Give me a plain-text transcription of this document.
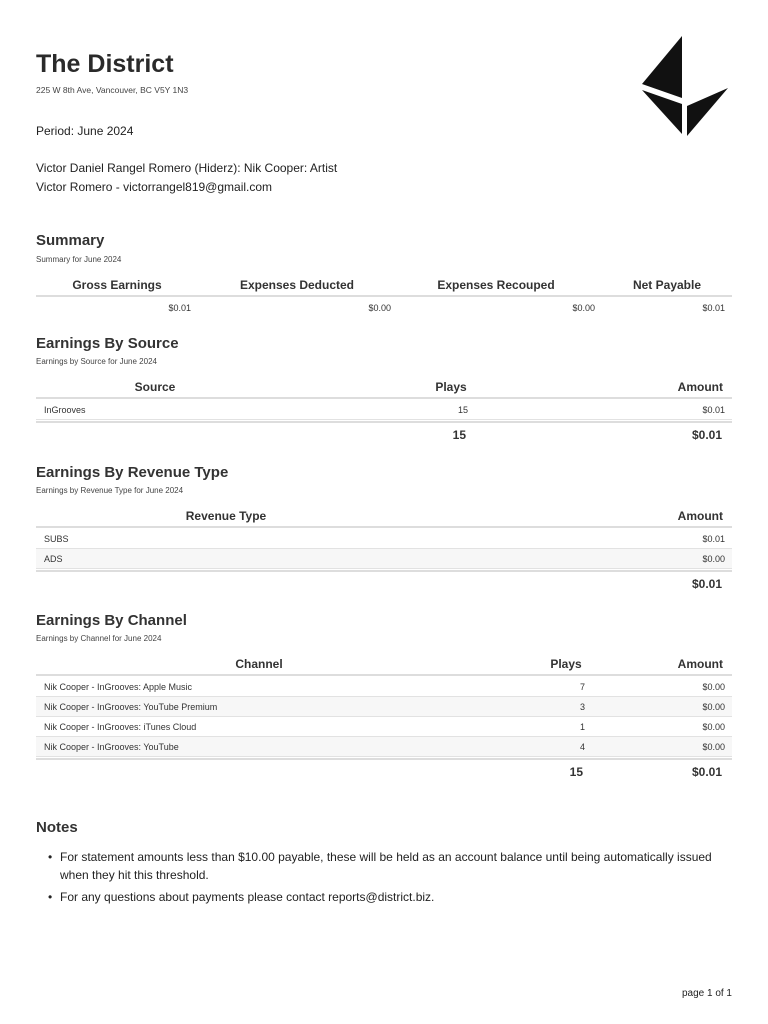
The District
225 W 8th Ave, Vancouver, BC V5Y 1N3
Period: June 2024
Victor Daniel Rangel Romero (Hiderz): Nik Cooper: Artist
Victor Romero - victorrangel819@gmail.com
Summary
Summary for June 2024
Gross Earnings	Expenses Deducted	Expenses Recouped	Net Payable
$0.01	$0.00	$0.00	$0.01
Earnings By Source
Earnings by Source for June 2024
Source	Plays	Amount
InGrooves	15	$0.01
15	$0.01
Earnings By Revenue Type
Earnings by Revenue Type for June 2024
Revenue Type	Amount
SUBS	$0.01
ADS	$0.00
$0.01
Earnings By Channel
Earnings by Channel for June 2024
Channel	Plays	Amount
Nik Cooper - InGrooves: Apple Music	7	$0.00
Nik Cooper - InGrooves: YouTube Premium	3	$0.00
Nik Cooper - InGrooves: iTunes Cloud	1	$0.00
Nik Cooper - InGrooves: YouTube	4	$0.00
15	$0.01
Notes
• For statement amounts less than $10.00 payable, these will be held as an account balance until being automatically issued when they hit this threshold.
• For any questions about payments please contact reports@district.biz.
page 1 of 1
